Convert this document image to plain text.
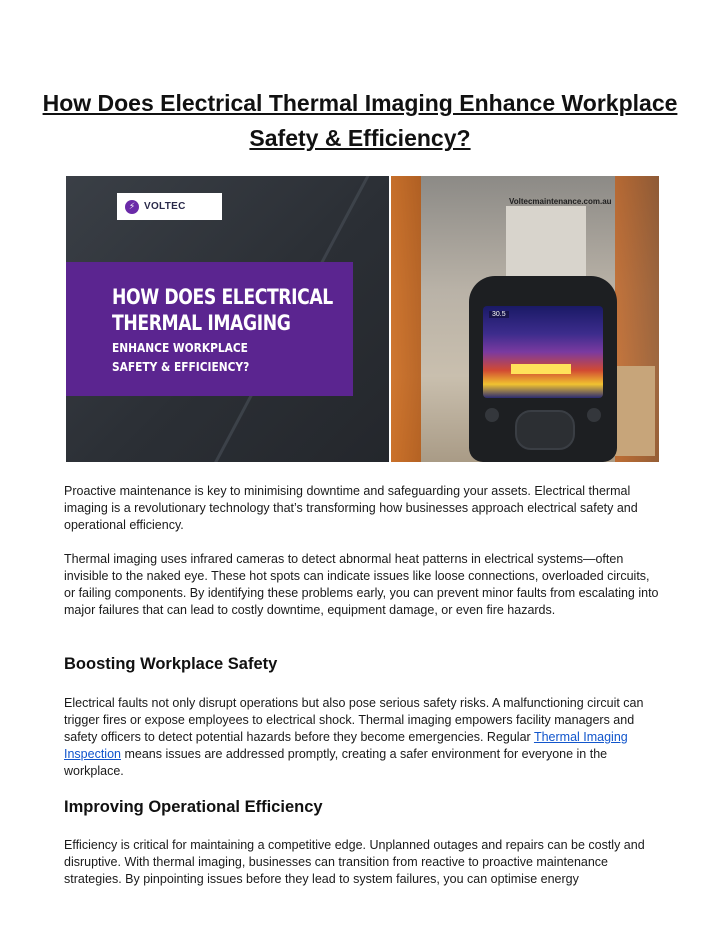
How Does Electrical Thermal Imaging Enhance Workplace Safety & Efficiency?
⚡ VOLTEC
HOW DOES ELECTRICAL
THERMAL IMAGING
ENHANCE WORKPLACE
SAFETY & EFFICIENCY?
Voltecmaintenance.com.au
30.5

Proactive maintenance is key to minimising downtime and safeguarding your assets. Electrical thermal imaging is a revolutionary technology that’s transforming how businesses approach electrical safety and operational efficiency.

Thermal imaging uses infrared cameras to detect abnormal heat patterns in electrical systems—often invisible to the naked eye. These hot spots can indicate issues like loose connections, overloaded circuits, or failing components. By identifying these problems early, you can prevent minor faults from escalating into major failures that can lead to costly downtime, equipment damage, or even fire hazards.

Boosting Workplace Safety

Electrical faults not only disrupt operations but also pose serious safety risks. A malfunctioning circuit can trigger fires or expose employees to electrical shock. Thermal imaging empowers facility managers and safety officers to detect potential hazards before they become emergencies. Regular Thermal Imaging Inspection means issues are addressed promptly, creating a safer environment for everyone in the workplace.

Improving Operational Efficiency

Efficiency is critical for maintaining a competitive edge. Unplanned outages and repairs can be costly and disruptive. With thermal imaging, businesses can transition from reactive to proactive maintenance strategies. By pinpointing issues before they lead to system failures, you can optimise energy
